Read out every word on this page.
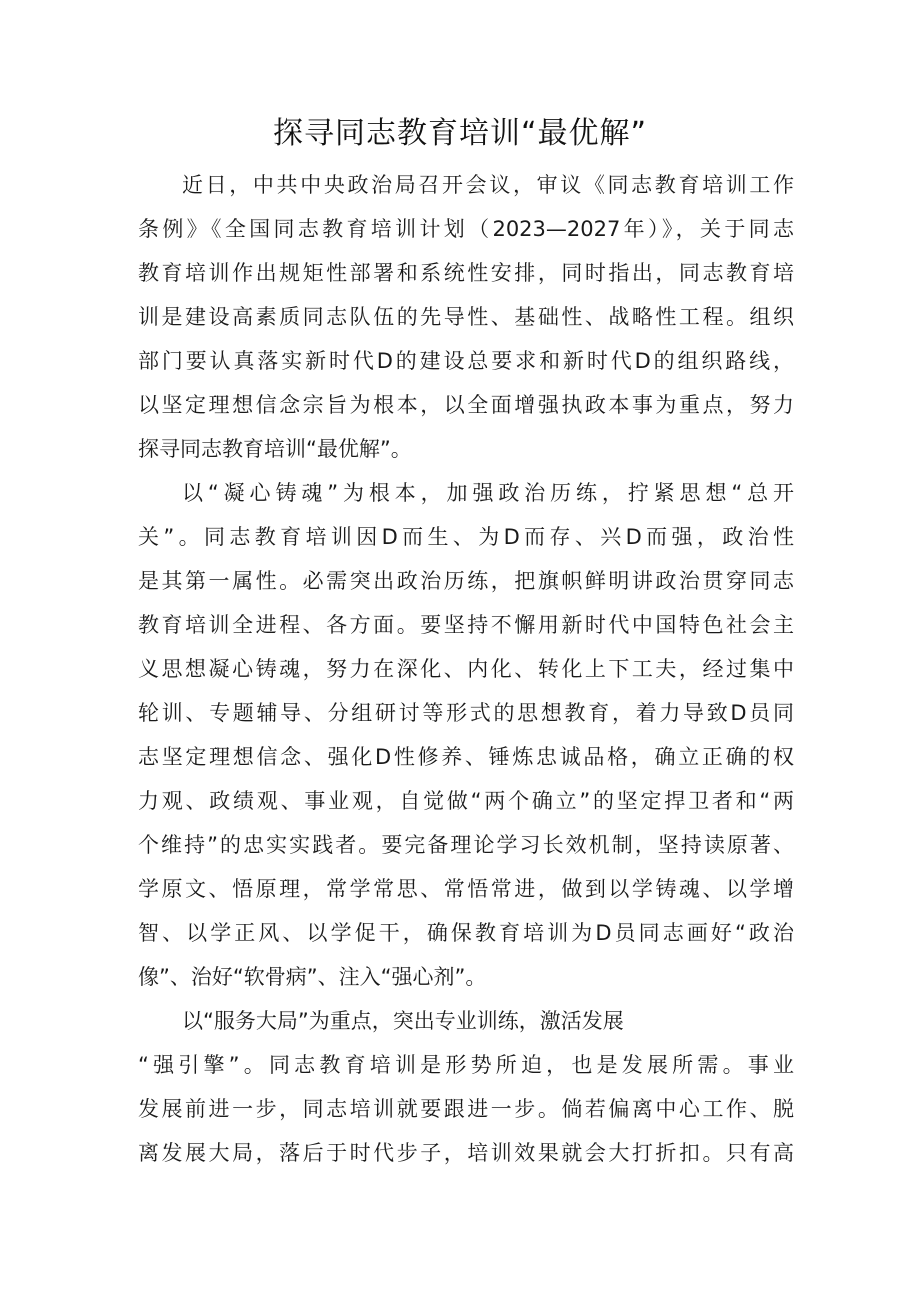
探寻同志教育培训“最优解”
近日，中共中央政治局召开会议，审议《同志教育培训工作
条例》《全国同志教育培训计划（2023—2027年）》，关于同志
教育培训作出规矩性部署和系统性安排，同时指出，同志教育培
训是建设高素质同志队伍的先导性、基础性、战略性工程。组织
部门要认真落实新时代D的建设总要求和新时代D的组织路线，
以坚定理想信念宗旨为根本，以全面增强执政本事为重点，努力
探寻同志教育培训“最优解”。
以“凝心铸魂”为根本，加强政治历练，拧紧思想“总开
关”。同志教育培训因D而生、为D而存、兴D而强，政治性
是其第一属性。必需突出政治历练，把旗帜鲜明讲政治贯穿同志
教育培训全进程、各方面。要坚持不懈用新时代中国特色社会主
义思想凝心铸魂，努力在深化、内化、转化上下工夫，经过集中
轮训、专题辅导、分组研讨等形式的思想教育，着力导致D员同
志坚定理想信念、强化D性修养、锤炼忠诚品格，确立正确的权
力观、政绩观、事业观，自觉做“两个确立”的坚定捍卫者和“两
个维持”的忠实实践者。要完备理论学习长效机制，坚持读原著、
学原文、悟原理，常学常思、常悟常进，做到以学铸魂、以学增
智、以学正风、以学促干，确保教育培训为D员同志画好“政治
像”、治好“软骨病”、注入“强心剂”。
以“服务大局”为重点，突出专业训练，激活发展
“强引擎”。同志教育培训是形势所迫，也是发展所需。事业
发展前进一步，同志培训就要跟进一步。倘若偏离中心工作、脱
离发展大局，落后于时代步子，培训效果就会大打折扣。只有高
